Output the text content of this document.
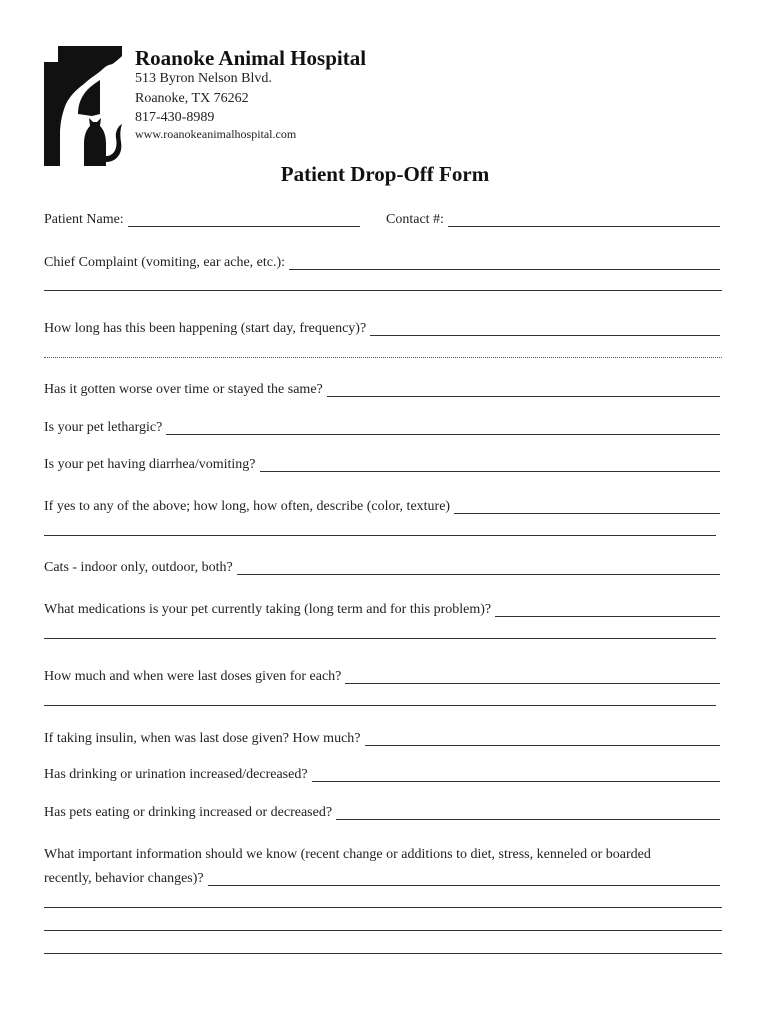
Roanoke Animal Hospital
513 Byron Nelson Blvd.
Roanoke, TX 76262
817-430-8989
www.roanokeanimalhospital.com
Patient Drop-Off Form
Patient Name:	Contact #:
Chief Complaint (vomiting, ear ache, etc.):
How long has this been happening (start day, frequency)?
Has it gotten worse over time or stayed the same?
Is your pet lethargic?
Is your pet having diarrhea/vomiting?
If yes to any of the above; how long, how often, describe (color, texture)
Cats - indoor only, outdoor, both?
What medications is your pet currently taking (long term and for this problem)?
How much and when were last doses given for each?
If taking insulin, when was last dose given? How much?
Has drinking or urination increased/decreased?
Has pets eating or drinking increased or decreased?
What important information should we know (recent change or additions to diet, stress, kenneled or boarded
recently, behavior changes)?
